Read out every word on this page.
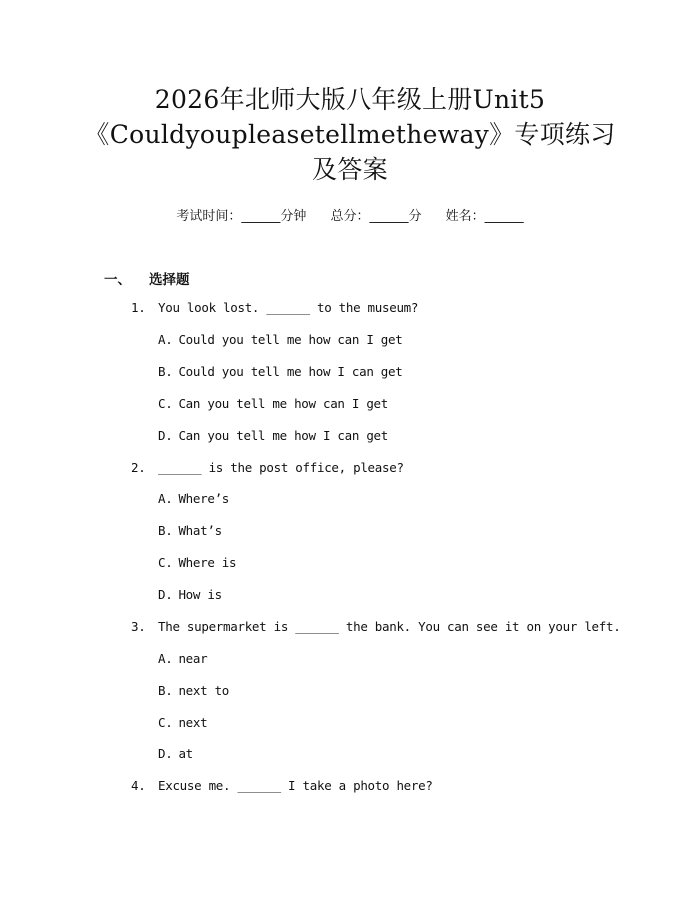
2026年北师大版八年级上册Unit5
《Couldyoupleasetellmetheway》专项练习
及答案
考试时间：______分钟 总分：______分 姓名：______
一、 选择题
1. You look lost. ______ to the museum?
A. Could you tell me how can I get
B. Could you tell me how I can get
C. Can you tell me how can I get
D. Can you tell me how I can get
2. ______ is the post office, please?
A. Where’s
B. What’s
C. Where is
D. How is
3. The supermarket is ______ the bank. You can see it on your left.
A. near
B. next to
C. next
D. at
4. Excuse me. ______ I take a photo here?
